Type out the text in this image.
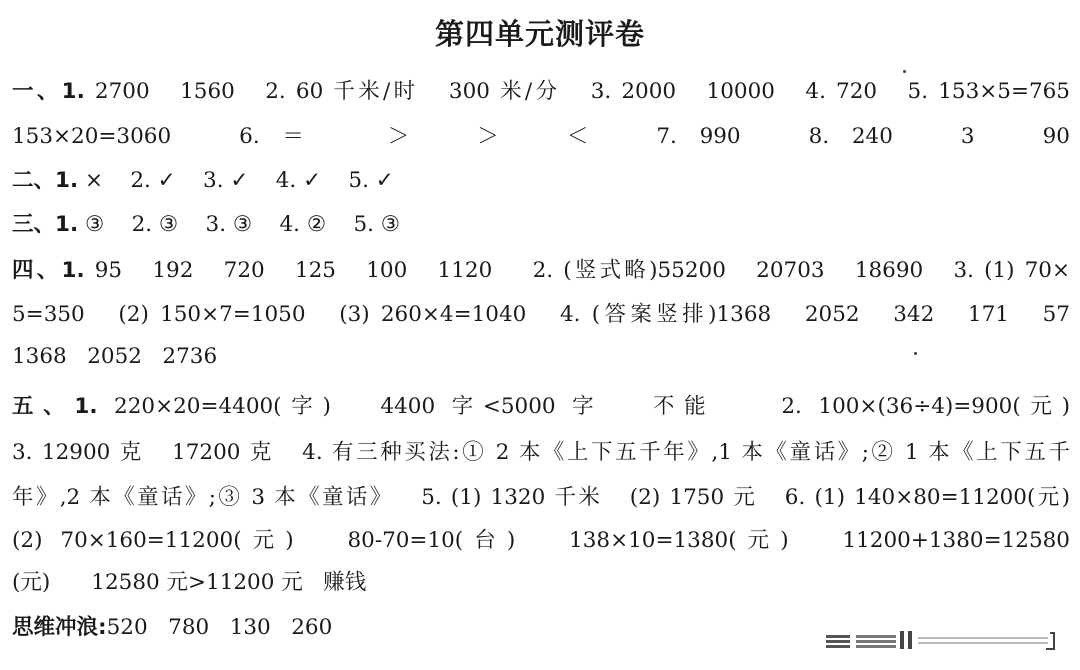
第四单元测评卷
一、1. 2700   1560   2. 60 千米/时   300 米/分   3. 2000   10000   4. 720   5. 153×5=765
153×20=3060   6. ＝   ＞   ＞   ＜   7. 990   8. 240   3   90
二、1. ×    2. ✓    3. ✓    4. ✓    5. ✓
三、1. ③    2. ③    3. ③    4. ②    5. ③
四、1. 95   192   720   125   100   1120    2. (竖式略)55200   20703   18690   3. (1) 70×
5=350   (2) 150×7=1050   (3) 260×4=1040   4. (答案竖排)1368   2052   342   171   57
1368   2052   2736
五、1. 220×20=4400(字)   4400 字<5000 字   不能    2. 100×(36÷4)=900(元)
3. 12900 克   17200 克   4. 有三种买法:① 2 本《上下五千年》,1 本《童话》;② 1 本《上下五千
年》,2 本《童话》;③ 3 本《童话》   5. (1) 1320 千米   (2) 1750 元   6. (1) 140×80=11200(元)
(2) 70×160=11200(元)   80-70=10(台)   138×10=1380(元)   11200+1380=12580
(元)      12580 元>11200 元   赚钱
思维冲浪:520   780   130   260
